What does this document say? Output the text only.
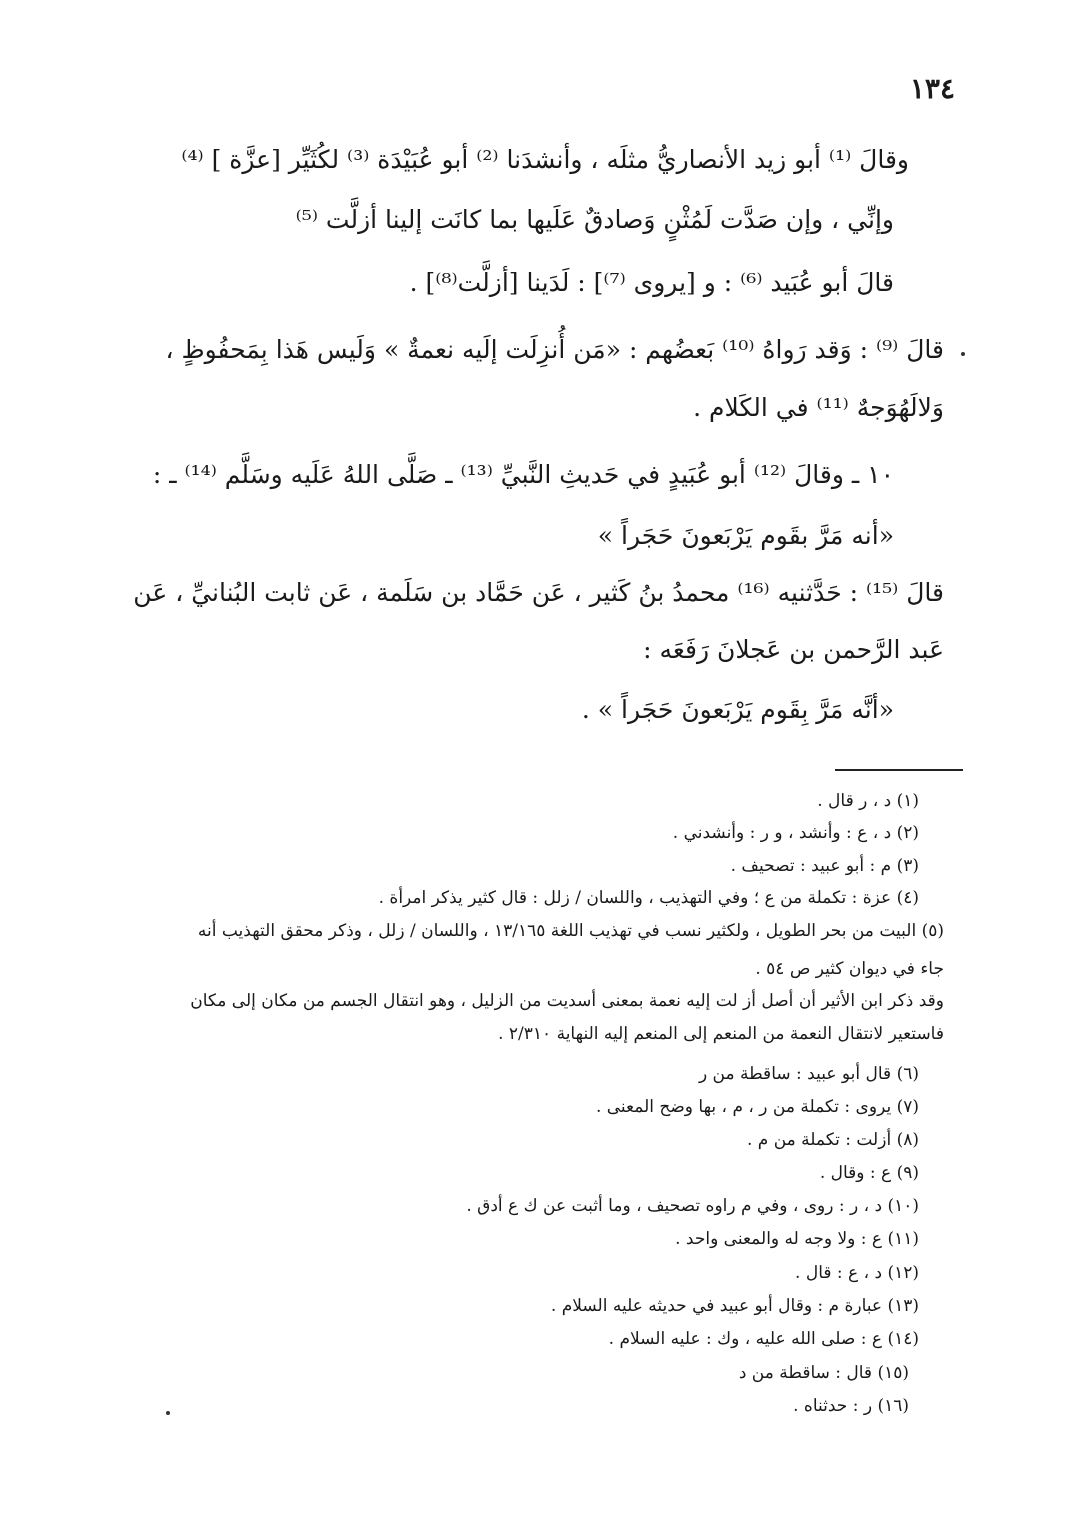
١٣٤
وقالَ ⁽¹⁾ أبو زيد الأنصاريُّ مثلَه ، وأنشدَنا ⁽²⁾ أبو عُبَيْدَة ⁽³⁾ لكُثَيِّر [عزَّة ] ⁽⁴⁾
وإنِّي ، وإن صَدَّت لَمُثْنٍ وَصادقٌ عَلَيها بما كانَت إلينا أزلَّت ⁽⁵⁾
قالَ أبو عُبَيد ⁽⁶⁾ : و [يروى ⁽⁷⁾] : لَدَينا [أزلَّت⁽⁸⁾] .
قالَ ⁽⁹⁾ : وَقد رَواهُ ⁽¹⁰⁾ بَعضُهم : «مَن أُنزِلَت إلَيه نعمةٌ » وَلَيس هَذا بِمَحفُوظٍ ،
وَلالَهُوَجهٌ ⁽¹¹⁾ في الكَلام .
١٠ ـ وقالَ ⁽¹²⁾ أبو عُبَيدٍ في حَديثِ النَّبيِّ ⁽¹³⁾ ـ صَلَّى اللهُ عَلَيه وسَلَّم ⁽¹⁴⁾ ـ :
«أنه مَرَّ بقَوم يَرْبَعونَ حَجَراً »
قالَ ⁽¹⁵⁾ : حَدَّثنيه ⁽¹⁶⁾ محمدُ بنُ كَثير ، عَن حَمَّاد بن سَلَمة ، عَن ثابت البُنانيِّ ، عَن
عَبد الرَّحمن بن عَجلانَ رَفَعَه :
«أنَّه مَرَّ بِقَوم يَرْبَعونَ حَجَراً » .
(١) د ، ر قال .
(٢) د ، ع : وأنشد ، و ر : وأنشدني .
(٣) م : أبو عبيد : تصحيف .
(٤) عزة : تكملة من ع ؛ وفي التهذيب ، واللسان / زلل : قال كثير يذكر امرأة .
(٥) البيت من بحر الطويل ، ولكثير نسب في تهذيب اللغة ١٣/١٦٥ ، واللسان / زلل ، وذكر محقق التهذيب أنه
جاء في ديوان كثير ص ٥٤ .
وقد ذكر ابن الأثير أن أصل أز لت إليه نعمة بمعنى أسديت من الزليل ، وهو انتقال الجسم من مكان إلى مكان
فاستعير لانتقال النعمة من المنعم إلى المنعم إليه النهاية ٢/٣١٠ .
(٦) قال أبو عبيد : ساقطة من ر
(٧) يروى : تكملة من ر ، م ، بها وضح المعنى .
(٨) أزلت : تكملة من م .
(٩) ع : وقال .
(١٠) د ، ر : روى ، وفي م راوه تصحيف ، وما أثبت عن ك ع أدق .
(١١) ع : ولا وجه له والمعنى واحد .
(١٢) د ، ع : قال .
(١٣) عبارة م : وقال أبو عبيد في حديثه عليه السلام .
(١٤) ع : صلى الله عليه ، وك : عليه السلام .
(١٥) قال : ساقطة من د
(١٦) ر : حدثناه .
